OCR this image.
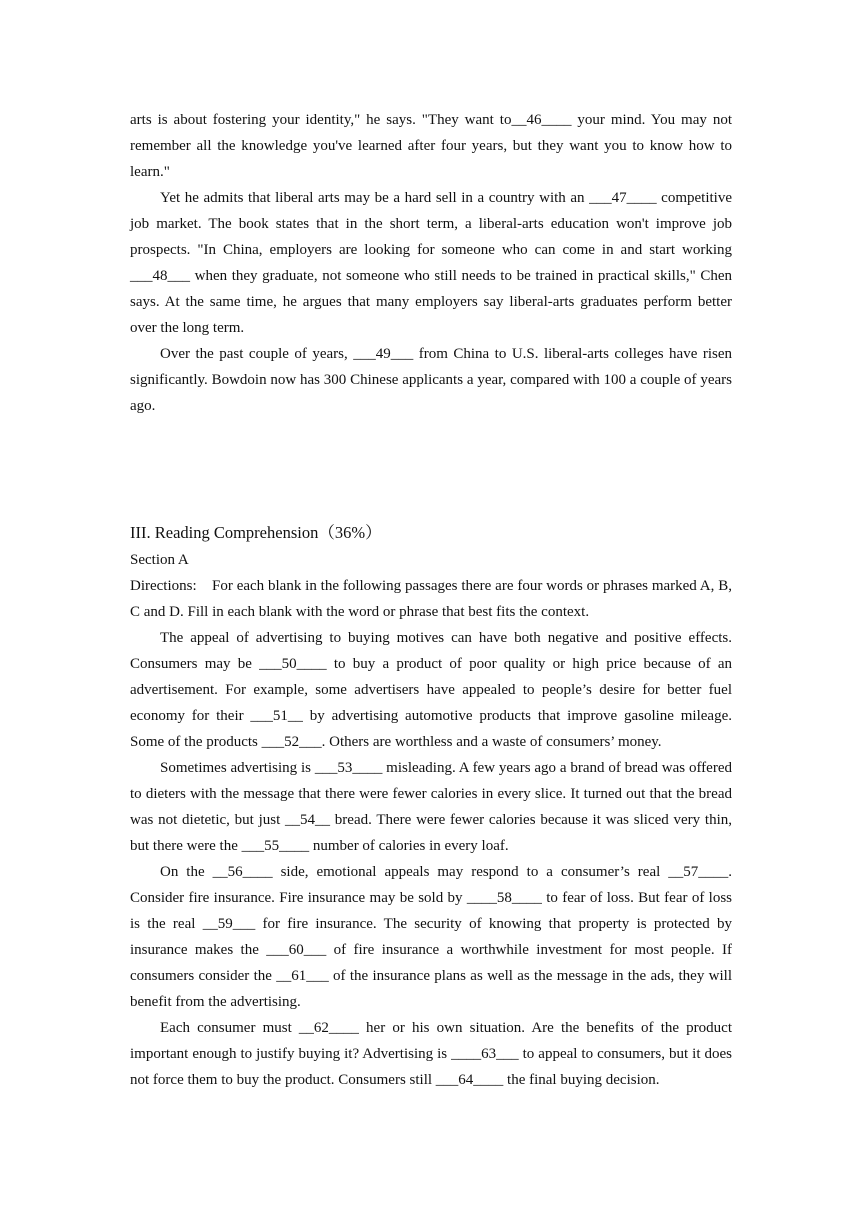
arts is about fostering your identity," he says. "They want to__46____ your mind. You may not remember all the knowledge you've learned after four years, but they want you to know how to learn."

Yet he admits that liberal arts may be a hard sell in a country with an ___47____ competitive job market. The book states that in the short term, a liberal-arts education won't improve job prospects. "In China, employers are looking for someone who can come in and start working ___48___ when they graduate, not someone who still needs to be trained in practical skills," Chen says. At the same time, he argues that many employers say liberal-arts graduates perform better over the long term.

Over the past couple of years, ___49___ from China to U.S. liberal-arts colleges have risen significantly. Bowdoin now has 300 Chinese applicants a year, compared with 100 a couple of years ago.

III. Reading Comprehension（36%）

Section A

Directions:    For each blank in the following passages there are four words or phrases marked A, B, C and D. Fill in each blank with the word or phrase that best fits the context.

The appeal of advertising to buying motives can have both negative and positive effects. Consumers may be ___50____ to buy a product of poor quality or high price because of an advertisement. For example, some advertisers have appealed to people’s desire for better fuel economy for their ___51__ by advertising automotive products that improve gasoline mileage. Some of the products ___52___. Others are worthless and a waste of consumers’ money.

Sometimes advertising is ___53____ misleading. A few years ago a brand of bread was offered to dieters with the message that there were fewer calories in every slice. It turned out that the bread was not dietetic, but just __54__ bread. There were fewer calories because it was sliced very thin, but there were the ___55____ number of calories in every loaf.

On the __56____ side, emotional appeals may respond to a consumer’s real __57____. Consider fire insurance. Fire insurance may be sold by ____58____ to fear of loss. But fear of loss is the real __59___ for fire insurance. The security of knowing that property is protected by insurance makes the ___60___ of fire insurance a worthwhile investment for most people. If consumers consider the __61___ of the insurance plans as well as the message in the ads, they will benefit from the advertising.

Each consumer must __62____ her or his own situation. Are the benefits of the product important enough to justify buying it? Advertising is ____63___ to appeal to consumers, but it does not force them to buy the product. Consumers still ___64____ the final buying decision.
